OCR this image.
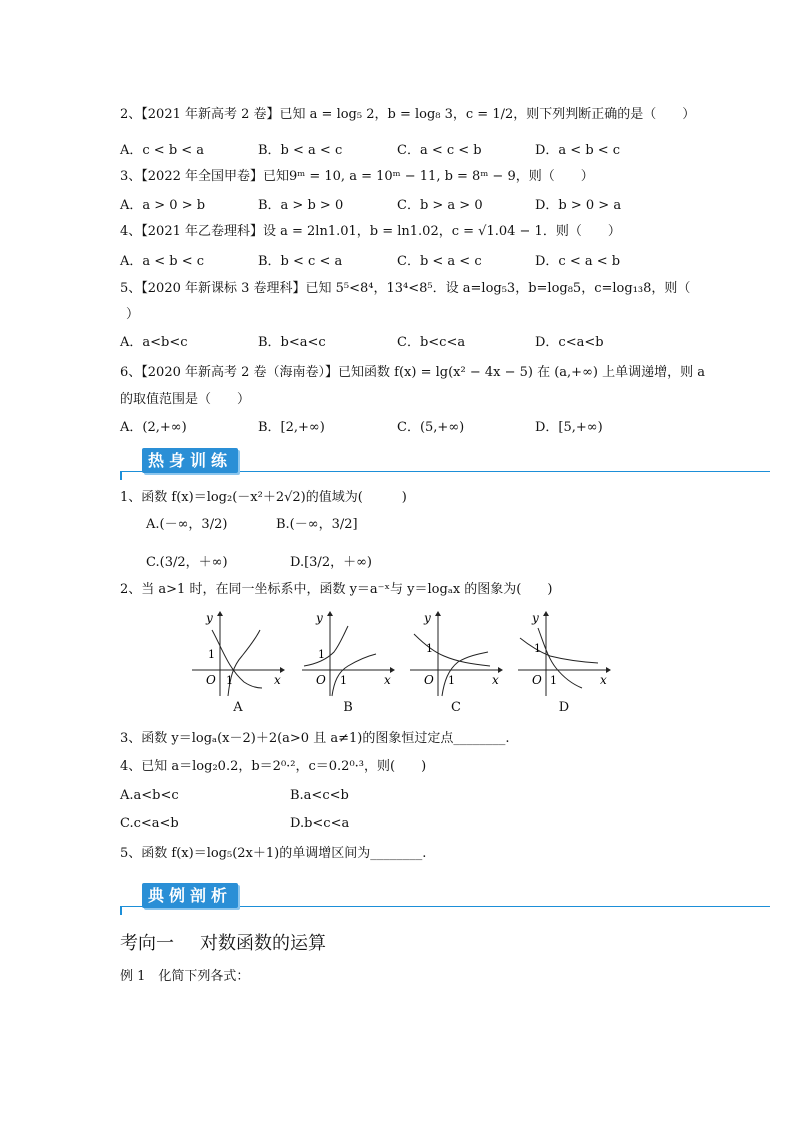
2、【2021 年新高考 2 卷】已知 a = log₅ 2，b = log₈ 3，c = 1/2，则下列判断正确的是（　　）
A．c < b < a	B．b < a < c	C．a < c < b	D．a < b < c
3、【2022 年全国甲卷】已知9ᵐ = 10, a = 10ᵐ − 11, b = 8ᵐ − 9，则（　　）
A．a > 0 > b	B．a > b > 0	C．b > a > 0	D．b > 0 > a
4、【2021 年乙卷理科】设 a = 2ln1.01，b = ln1.02，c = √1.04 − 1．则（　　）
A．a < b < c	B．b < c < a	C．b < a < c	D．c < a < b
5、【2020 年新课标 3 卷理科】已知 5⁵<8⁴，13⁴<8⁵．设 a=log₅3，b=log₈5，c=log₁₃8，则（
）
A．a<b<c	B．b<a<c	C．b<c<a	D．c<a<b
6、【2020 年新高考 2 卷（海南卷）】已知函数 f(x) = lg(x² − 4x − 5) 在 (a,+∞) 上单调递增，则 a
的取值范围是（　　）
A．(2,+∞)	B．[2,+∞)	C．(5,+∞)	D．[5,+∞)
热身训练
1、函数 f(x)＝log₂(－x²＋2√2)的值域为(　　　)
A.(－∞，3/2)	B.(－∞，3/2]
C.(3/2，＋∞)	D.[3/2，＋∞)
2、当 a>1 时，在同一坐标系中，函数 y＝a⁻ˣ与 y＝logₐx 的图象为(　　)
y
x
O
1
1
A
y
x
O
1
1
B
y
x
O
1
1
C
y
x
O
1
1
D
3、函数 y＝logₐ(x－2)＋2(a>0 且 a≠1)的图象恒过定点________.
4、已知 a＝log₂0.2，b＝2⁰·²，c＝0.2⁰·³，则(　　)
A.a<b<c	B.a<c<b
C.c<a<b	D.b<c<a
5、函数 f(x)＝log₅(2x＋1)的单调增区间为________.
典例剖析
考向一 对数函数的运算
例 1　化简下列各式：
